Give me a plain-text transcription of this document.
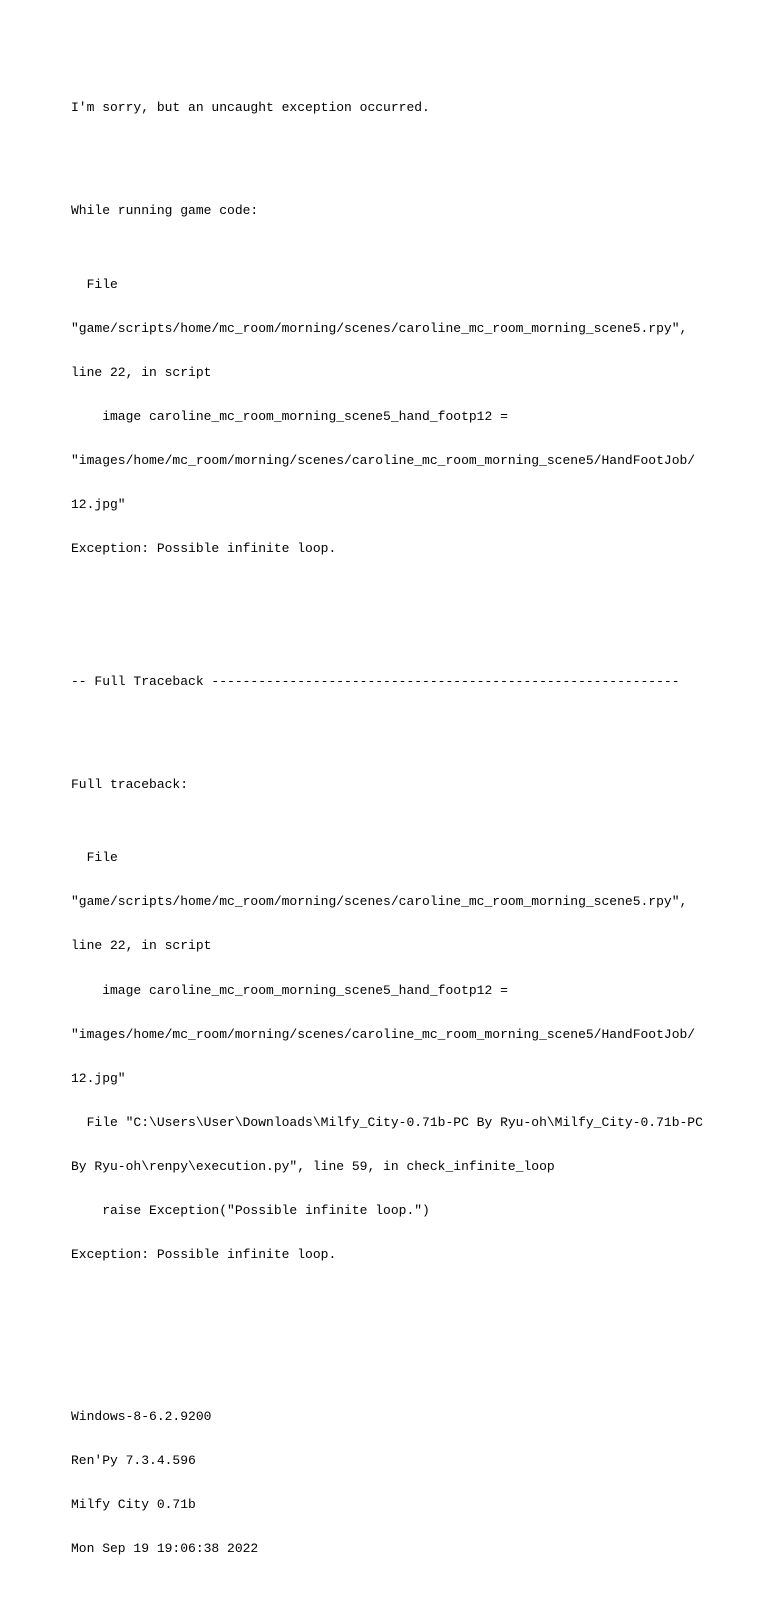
I'm sorry, but an uncaught exception occurred.

While running game code:

File

"game/scripts/home/mc_room/morning/scenes/caroline_mc_room_morning_scene5.rpy",

line 22, in script

image caroline_mc_room_morning_scene5_hand_footp12 =

"images/home/mc_room/morning/scenes/caroline_mc_room_morning_scene5/HandFootJob/

12.jpg"

Exception: Possible infinite loop.

-- Full Traceback ------------------------------------------------------------

Full traceback:

File

"game/scripts/home/mc_room/morning/scenes/caroline_mc_room_morning_scene5.rpy",

line 22, in script

image caroline_mc_room_morning_scene5_hand_footp12 =

"images/home/mc_room/morning/scenes/caroline_mc_room_morning_scene5/HandFootJob/

12.jpg"

File "C:\Users\User\Downloads\Milfy_City-0.71b-PC By Ryu-oh\Milfy_City-0.71b-PC

By Ryu-oh\renpy\execution.py", line 59, in check_infinite_loop

raise Exception("Possible infinite loop.")

Exception: Possible infinite loop.

Windows-8-6.2.9200

Ren'Py 7.3.4.596

Milfy City 0.71b

Mon Sep 19 19:06:38 2022
